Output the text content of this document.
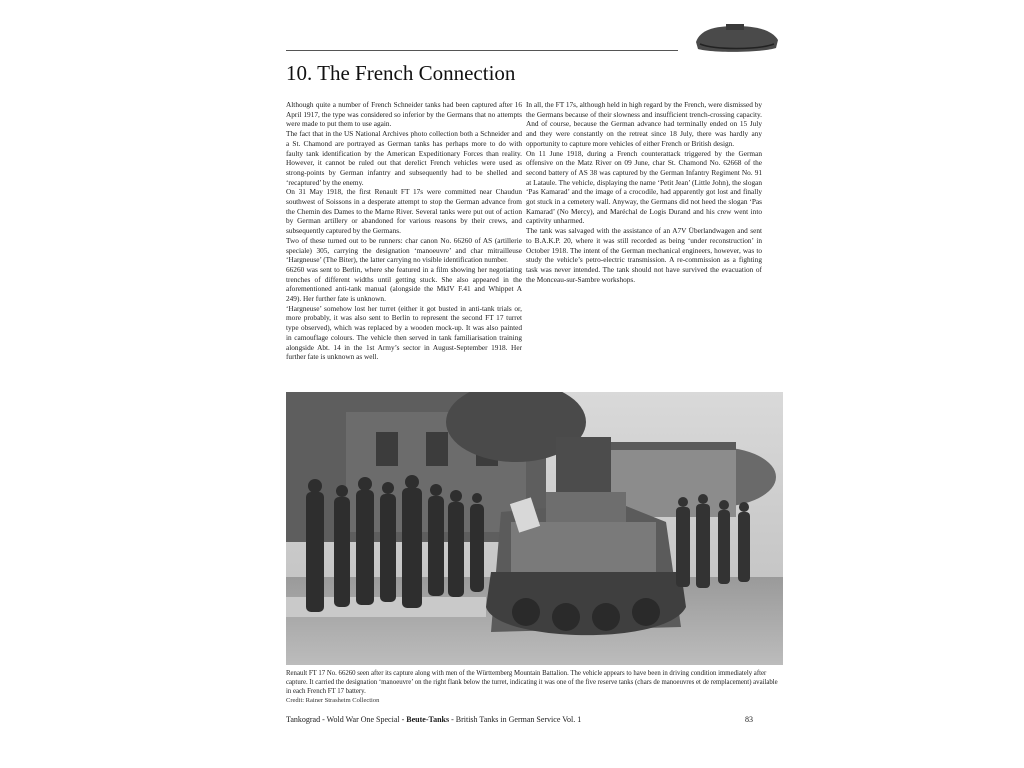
10. The French Connection

Although quite a number of French Schneider tanks had been captured after 16 April 1917, the type was considered so inferior by the Germans that no attempts were made to put them to use again.

The fact that in the US National Archives photo collection both a Schneider and a St. Chamond are portrayed as German tanks has perhaps more to do with faulty tank identification by the American Expeditionary Forces than reality. However, it cannot be ruled out that derelict French vehicles were used as strong-points by German infantry and subsequently had to be shelled and ‘recaptured’ by the enemy.

On 31 May 1918, the first Renault FT 17s were committed near Chaudun southwest of Soissons in a desperate attempt to stop the German advance from the Chemin des Dames to the Marne River. Several tanks were put out of action by German artillery or abandoned for various reasons by their crews, and subsequently captured by the Germans.

Two of these turned out to be runners: char canon No. 66260 of AS (artillerie speciale) 305, carrying the designation ‘manoeuvre’ and char mitrailleuse ‘Hargneuse’ (The Biter), the latter carrying no visible identification number.

66260 was sent to Berlin, where she featured in a film showing her negotiating trenches of different widths until getting stuck. She also appeared in the aforementioned anti-tank manual (alongside the MkIV F.41 and Whippet A 249). Her further fate is unknown.

‘Hargneuse’ somehow lost her turret (either it got busted in anti-tank trials or, more probably, it was also sent to Berlin to represent the second FT 17 turret type observed), which was replaced by a wooden mock-up. It was also painted in camouflage colours. The vehicle then served in tank familiarisation training alongside Abt. 14 in the 1st Army’s sector in August-September 1918. Her further fate is unknown as well.

In all, the FT 17s, although held in high regard by the French, were dismissed by the Germans because of their slowness and insufficient trench-crossing capacity. And of course, because the German advance had terminally ended on 15 July and they were constantly on the retreat since 18 July, there was hardly any opportunity to capture more vehicles of either French or British design.

On 11 June 1918, during a French counterattack triggered by the German offensive on the Matz River on 09 June, char St. Chamond No. 62668 of the second battery of AS 38 was captured by the German Infantry Regiment No. 91 at Lataule. The vehicle, displaying the name ‘Petit Jean’ (Little John), the slogan ‘Pas Kamarad’ and the image of a crocodile, had apparently got lost and finally got stuck in a cemetery wall. Anyway, the Germans did not heed the slogan ‘Pas Kamarad’ (No Mercy), and Maréchal de Logis Durand and his crew went into captivity unharmed.

The tank was salvaged with the assistance of an A7V Überlandwagen and sent to B.A.K.P. 20, where it was still recorded as being ‘under reconstruction’ in October 1918. The intent of the German mechanical engineers, however, was to study the vehicle’s petro-electric transmission. A re-commission as a fighting task was never intended. The tank should not have survived the evacuation of the Monceau-sur-Sambre workshops.

Renault FT 17 No. 66260 seen after its capture along with men of the Württemberg Mountain Battalion. The vehicle appears to have been in driving condition immediately after capture. It carried the designation ‘manoeuvre’ on the right flank below the turret, indicating it was one of the five reserve tanks (chars de manoeuvres et de remplacement) available in each French FT 17 battery.

Credit: Rainer Strasheim Collection
Tankograd - Wold War One Special - Beute-Tanks - British Tanks in German Service Vol. 1	83
